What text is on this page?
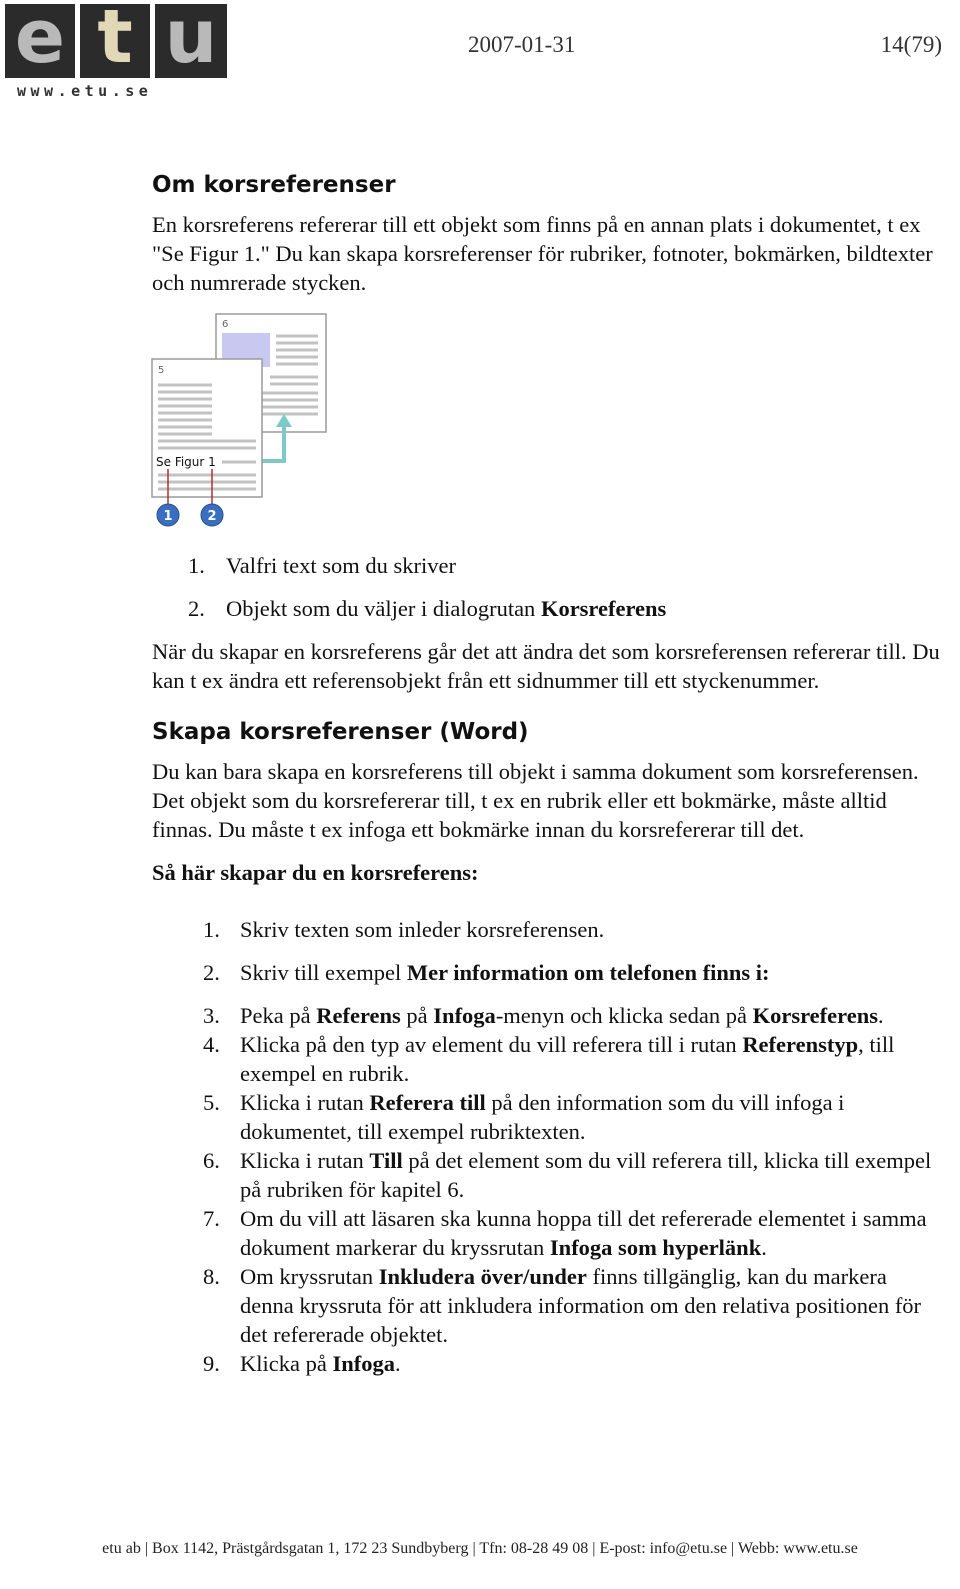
e t u
www.etu.se
2007-01-31	14(79)
Om korsreferenser

En korsreferens refererar till ett objekt som finns på en annan plats i dokumentet, t ex "Se Figur 1." Du kan skapa korsreferenser för rubriker, fotnoter, bokmärken, bildtexter och numrerade stycken.

6
5
Se Figur 1
1	2
1. Valfri text som du skriver
2. Objekt som du väljer i dialogrutan Korsreferens

När du skapar en korsreferens går det att ändra det som korsreferensen refererar till. Du kan t ex ändra ett referensobjekt från ett sidnummer till ett styckenummer.

Skapa korsreferenser (Word)

Du kan bara skapa en korsreferens till objekt i samma dokument som korsreferensen. Det objekt som du korsrefererar till, t ex en rubrik eller ett bokmärke, måste alltid finnas. Du måste t ex infoga ett bokmärke innan du korsrefererar till det.

Så här skapar du en korsreferens:
1. Skriv texten som inleder korsreferensen.
2. Skriv till exempel Mer information om telefonen finns i:
3. Peka på Referens på Infoga-menyn och klicka sedan på Korsreferens.
4. Klicka på den typ av element du vill referera till i rutan Referenstyp, till exempel en rubrik.
5. Klicka i rutan Referera till på den information som du vill infoga i dokumentet, till exempel rubriktexten.
6. Klicka i rutan Till på det element som du vill referera till, klicka till exempel på rubriken för kapitel 6.
7. Om du vill att läsaren ska kunna hoppa till det refererade elementet i samma dokument markerar du kryssrutan Infoga som hyperlänk.
8. Om kryssrutan Inkludera över/under finns tillgänglig, kan du markera denna kryssruta för att inkludera information om den relativa positionen för det refererade objektet.
9. Klicka på Infoga.
etu ab | Box 1142, Prästgårdsgatan 1, 172 23 Sundbyberg | Tfn: 08-28 49 08 | E-post: info@etu.se | Webb: www.etu.se
